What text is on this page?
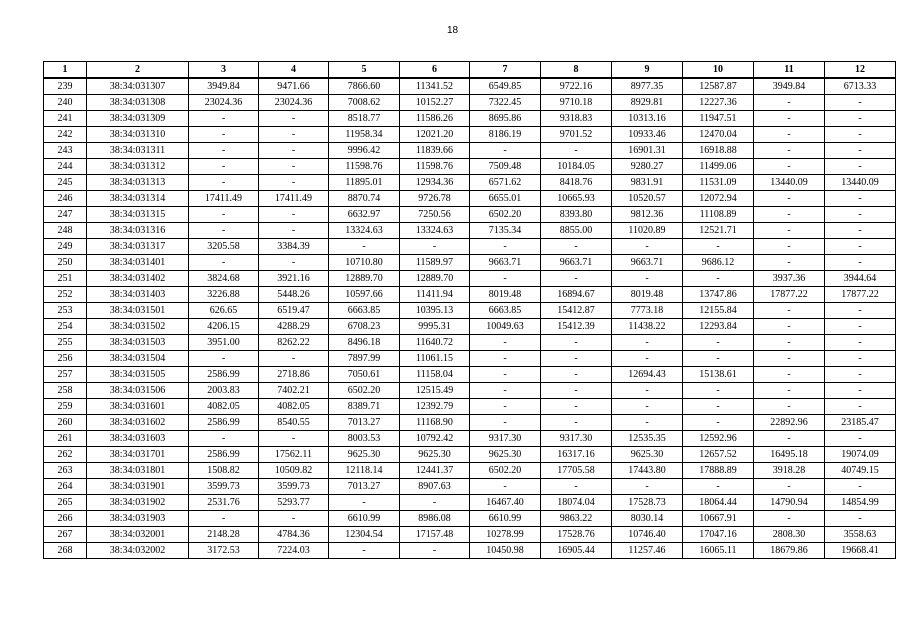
18
1	2	3	4	5	6	7	8	9	10	11	12
239	38:34:031307	3949.84	9471.66	7866.60	11341.52	6549.85	9722.16	8977.35	12587.87	3949.84	6713.33
240	38:34:031308	23024.36	23024.36	7008.62	10152.27	7322.45	9710.18	8929.81	12227.36	-	-
241	38:34:031309	-	-	8518.77	11586.26	8695.86	9318.83	10313.16	11947.51	-	-
242	38:34:031310	-	-	11958.34	12021.20	8186.19	9701.52	10933.46	12470.04	-	-
243	38:34:031311	-	-	9996.42	11839.66	-	-	16901.31	16918.88	-	-
244	38:34:031312	-	-	11598.76	11598.76	7509.48	10184.05	9280.27	11499.06	-	-
245	38:34:031313	-	-	11895.01	12934.36	6571.62	8418.76	9831.91	11531.09	13440.09	13440.09
246	38:34:031314	17411.49	17411.49	8870.74	9726.78	6655.01	10665.93	10520.57	12072.94	-	-
247	38:34:031315	-	-	6632.97	7250.56	6502.20	8393.80	9812.36	11108.89	-	-
248	38:34:031316	-	-	13324.63	13324.63	7135.34	8855.00	11020.89	12521.71	-	-
249	38:34:031317	3205.58	3384.39	-	-	-	-	-	-	-	-
250	38:34:031401	-	-	10710.80	11589.97	9663.71	9663.71	9663.71	9686.12	-	-
251	38:34:031402	3824.68	3921.16	12889.70	12889.70	-	-	-	-	3937.36	3944.64
252	38:34:031403	3226.88	5448.26	10597.66	11411.94	8019.48	16894.67	8019.48	13747.86	17877.22	17877.22
253	38:34:031501	626.65	6519.47	6663.85	10395.13	6663.85	15412.87	7773.18	12155.84	-	-
254	38:34:031502	4206.15	4288.29	6708.23	9995.31	10049.63	15412.39	11438.22	12293.84	-	-
255	38:34:031503	3951.00	8262.22	8496.18	11640.72	-	-	-	-	-	-
256	38:34:031504	-	-	7897.99	11061.15	-	-	-	-	-	-
257	38:34:031505	2586.99	2718.86	7050.61	11158.04	-	-	12694.43	15138.61	-	-
258	38:34:031506	2003.83	7402.21	6502.20	12515.49	-	-	-	-	-	-
259	38:34:031601	4082.05	4082.05	8389.71	12392.79	-	-	-	-	-	-
260	38:34:031602	2586.99	8540.55	7013.27	11168.90	-	-	-	-	22892.96	23185.47
261	38:34:031603	-	-	8003.53	10792.42	9317.30	9317.30	12535.35	12592.96	-	-
262	38:34:031701	2586.99	17562.11	9625.30	9625.30	9625.30	16317.16	9625.30	12657.52	16495.18	19074.09
263	38:34:031801	1508.82	10509.82	12118.14	12441.37	6502.20	17705.58	17443.80	17888.89	3918.28	40749.15
264	38:34:031901	3599.73	3599.73	7013.27	8907.63	-	-	-	-	-	-
265	38:34:031902	2531.76	5293.77	-	-	16467.40	18074.04	17528.73	18064.44	14790.94	14854.99
266	38:34:031903	-	-	6610.99	8986.08	6610.99	9863.22	8030.14	10667.91	-	-
267	38:34:032001	2148.28	4784.36	12304.54	17157.48	10278.99	17528.76	10746.40	17047.16	2808.30	3558.63
268	38:34:032002	3172.53	7224.03	-	-	10450.98	16905.44	11257.46	16065.11	18679.86	19668.41
